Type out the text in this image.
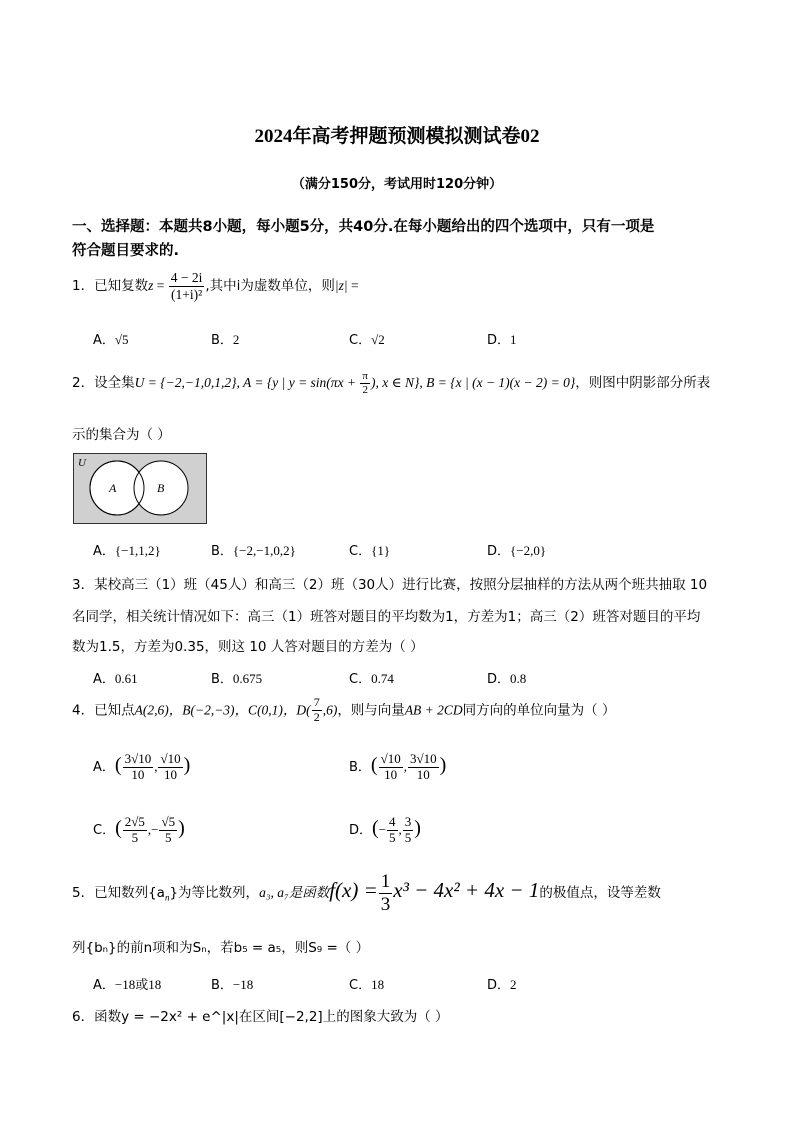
2024年高考押题预测模拟测试卷02
（满分150分，考试用时120分钟）
一、选择题：本题共8小题，每小题5分，共40分.在每小题给出的四个选项中，只有一项是
符合题目要求的.
1．已知复数$z = \frac{4 - 2i}{\text{(1+i)²}}$ ,其中i为虚数单位，则|z| =
A．√5	B．2	C．√2	D．1
2．设全集U = {−2,−1,0,1,2}, A = {y | $y = \sin(\pi x + \frac{\pi}{2}$ ), x ∈ N}, B = {x | (x − 1)(x − 2) = 0}，则图中阴影部分所表
示的集合为（ ）
U
A	B
A．{−1,1,2}	B．{−2,−1,0,2}	C．{1}	D．{−2,0}
3．某校高三（1）班（45人）和高三（2）班（30人）进行比赛，按照分层抽样的方法从两个班共抽取 10
名同学，相关统计情况如下：高三（1）班答对题目的平均数为1，方差为1；高三（2）班答对题目的平均
数为1.5，方差为0.35，则这 10 人答对题目的方差为（ ）
A．0.61	B．0.675	C．0.74	D．0.8
4．已知点A(2,6)，B(−2,−3)，C(0,1)，$D( \frac{7}{2} ,6)$，则与向量AB + 2CD同方向的单位向量为（ ）
A．( $\frac{3√10}{10}$ , $\frac{√10}{10}$ )	B．( $\frac{√10}{10}$ , $\frac{3√10}{10}$ )
C．( $\frac{2√5}{5}$ ,− $\frac{√5}{5}$ )	D．(− $\frac{4}{5}$ , $\frac{3}{5}$ )
5．已知数列$\{a_n\}$为等比数列，a₃, a₇是函数$f(x) = \frac{1}{3} x^3 - 4x^2 + 4x - 1$的极值点，设等差数
列{bₙ}的前n项和为Sₙ，若b₅ = a₅，则S₉ =（ ）
A．−18或18	B．−18	C．18	D．2
6．函数y = −2x² + e^|x|在区间[−2,2]上的图象大致为（ ）
